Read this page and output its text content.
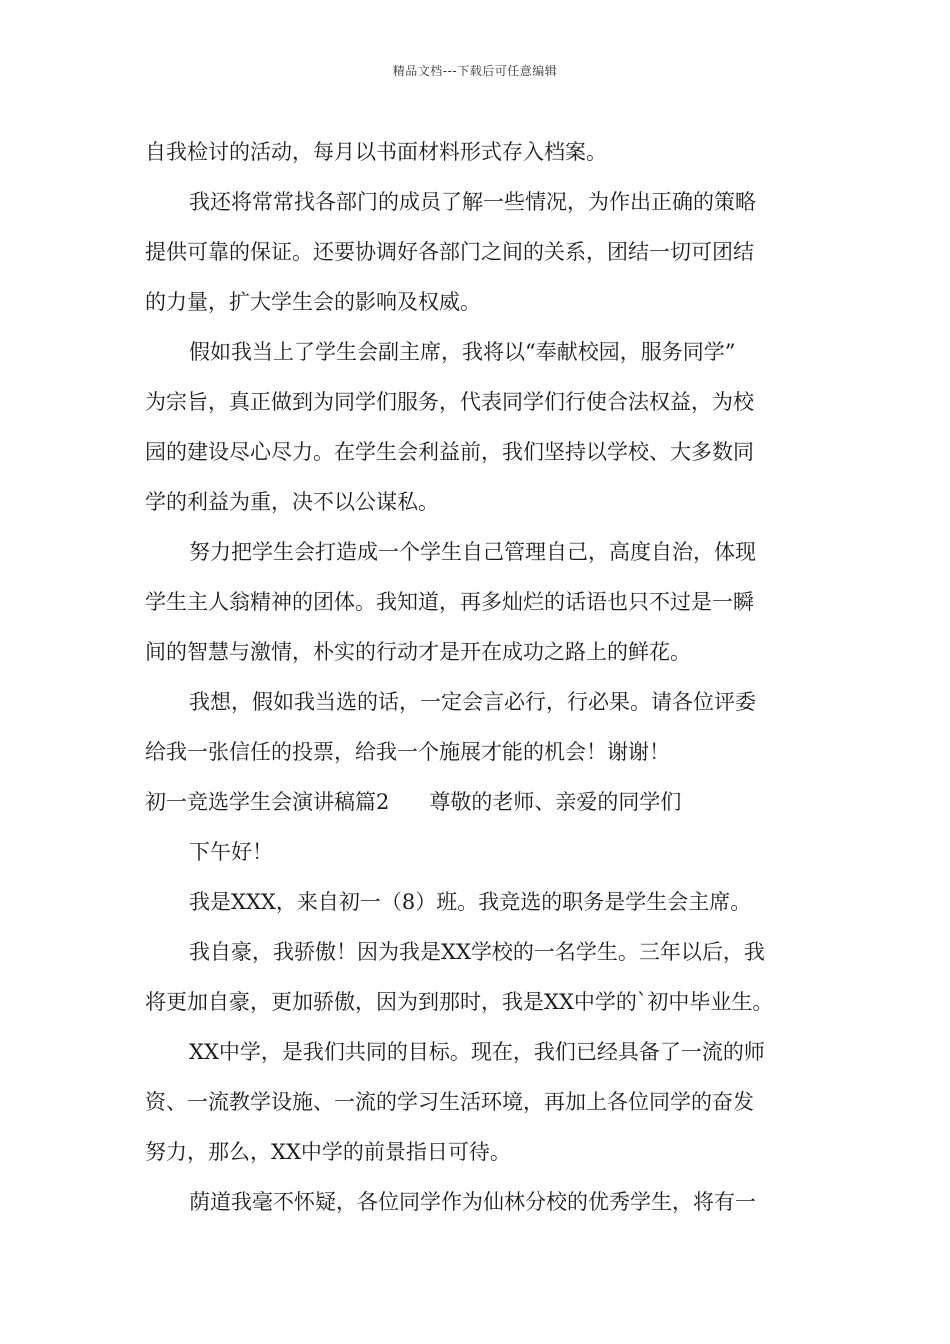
精品文档---下载后可任意编辑
自我检讨的活动，每月以书面材料形式存入档案。
我还将常常找各部门的成员了解一些情况，为作出正确的策略
提供可靠的保证。还要协调好各部门之间的关系，团结一切可团结
的力量，扩大学生会的影响及权威。
假如我当上了学生会副主席，我将以“奉献校园，服务同学”
为宗旨，真正做到为同学们服务，代表同学们行使合法权益，为校
园的建设尽心尽力。在学生会利益前，我们坚持以学校、大多数同
学的利益为重，决不以公谋私。
努力把学生会打造成一个学生自己管理自己，高度自治，体现
学生主人翁精神的团体。我知道，再多灿烂的话语也只不过是一瞬
间的智慧与激情，朴实的行动才是开在成功之路上的鲜花。
我想，假如我当选的话，一定会言必行，行必果。请各位评委
给我一张信任的投票，给我一个施展才能的机会！谢谢！
初一竞选学生会演讲稿篇2 尊敬的老师、亲爱的同学们
下午好！
我是XXX，来自初一（8）班。我竞选的职务是学生会主席。
我自豪，我骄傲！因为我是XX学校的一名学生。三年以后，我
将更加自豪，更加骄傲，因为到那时，我是XX中学的`初中毕业生。
XX中学，是我们共同的目标。现在，我们已经具备了一流的师
资、一流教学设施、一流的学习生活环境，再加上各位同学的奋发
努力，那么，XX中学的前景指日可待。
荫道我毫不怀疑，各位同学作为仙林分校的优秀学生，将有一
